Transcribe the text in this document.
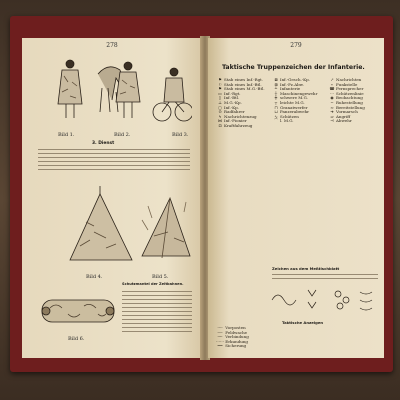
278
Bild 1.	Bild 2.	Bild 3.
3. Dienst
Bild 4.	Bild 5.
Schutzmantel der Zeltbahnen.
Bild 6.
279
Taktische Truppenzeichen der Infanterie.
⚑ Stab eines Inf.-Rgt.
⚐ Stab eines Inf.-Btl.
⚑ Stab eines M.G.-Btl.
▭ Inf.-Rgt.
▯ Inf.-Btl.
⊥ M.G.-Kp.
◻ Inf.-Kp.
⊙ Radfahrer
↯ Nachrichtenzug
⋈ Inf.-Pionier
⊡ Kraftfahrzeug
⊠ Inf.-Gesch.-Kp.
⊞ Inf.-Pz.Abw.
┴ Infanterie
┼ Maschinengewehr
╪ schwere M.G.
┬ leichte M.G.
⊓ Granatwerfer
⊔ Panzerabwehr
∿ Schützen
⌒ l. M.G.
↗ Nachrichten
⌁ Funkstelle
☎ Fernsprecher
⋯ Schützenlinie
◉ Beobachtung
∼ Ruhestellung
≈ Bereitstellung
➔ Vormarsch
⇒ Angriff
⊣ Abwehr
Zeichen aus dem Meßtischblatt
Taktische Anzeigen
┈┈ Vorposten
┄┄ Feldwache
╌╌ Verbindung
⋯⋯ Erkundung
┅┅ Sicherung
